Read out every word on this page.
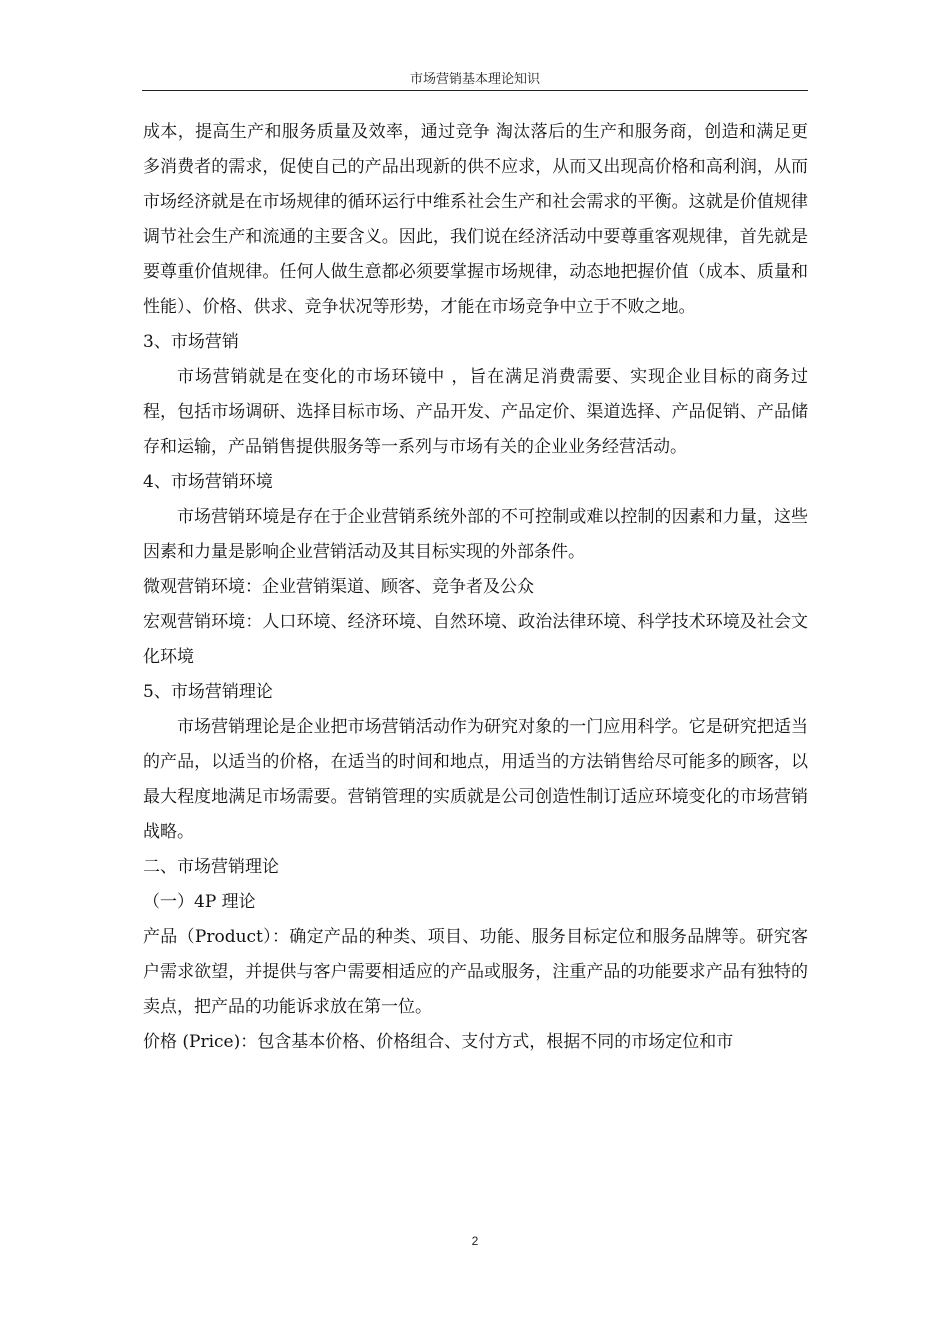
市场营销基本理论知识

成本，提高生产和服务质量及效率，通过竞争 淘汰落后的生产和服务商，创造和满足更多消费者的需求，促使自己的产品出现新的供不应求，从而又出现高价格和高利润，从而市场经济就是在市场规律的循环运行中维系社会生产和社会需求的平衡。这就是价值规律调节社会生产和流通的主要含义。因此，我们说在经济活动中要尊重客观规律，首先就是要尊重价值规律。任何人做生意都必须要掌握市场规律，动态地把握价值（成本、质量和性能）、价格、供求、竞争状况等形势，才能在市场竞争中立于不败之地。

3、市场营销

市场营销就是在变化的市场环镜中 ，旨在满足消费需要、实现企业目标的商务过程，包括市场调研、选择目标市场、产品开发、产品定价、渠道选择、产品促销、产品储存和运输，产品销售提供服务等一系列与市场有关的企业业务经营活动。

4、市场营销环境

市场营销环境是存在于企业营销系统外部的不可控制或难以控制的因素和力量，这些因素和力量是影响企业营销活动及其目标实现的外部条件。

微观营销环境：企业营销渠道、顾客、竞争者及公众

宏观营销环境：人口环境、经济环境、自然环境、政治法律环境、科学技术环境及社会文化环境

5、市场营销理论

市场营销理论是企业把市场营销活动作为研究对象的一门应用科学。它是研究把适当的产品，以适当的价格，在适当的时间和地点，用适当的方法销售给尽可能多的顾客，以最大程度地满足市场需要。营销管理的实质就是公司创造性制订适应环境变化的市场营销战略。

二、市场营销理论

（一）4P 理论

产品（Product）：确定产品的种类、项目、功能、服务目标定位和服务品牌等。研究客户需求欲望，并提供与客户需要相适应的产品或服务，注重产品的功能要求产品有独特的卖点，把产品的功能诉求放在第一位。

价格 (Price)：包含基本价格、价格组合、支付方式，根据不同的市场定位和市

2
